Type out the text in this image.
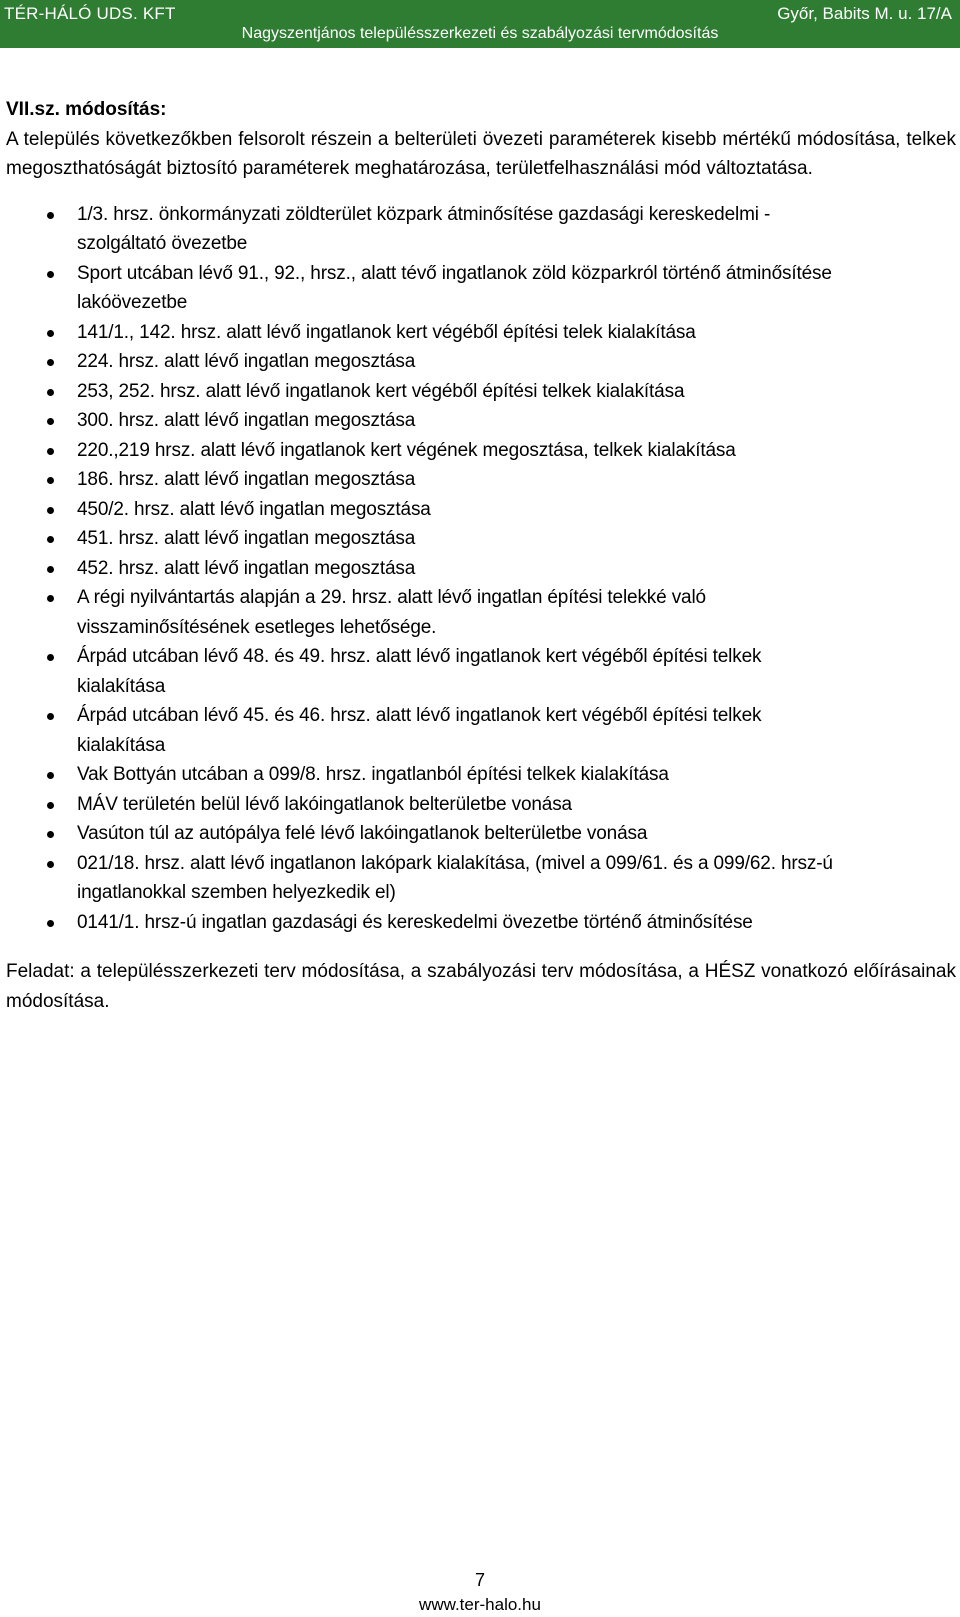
TÉR-HÁLÓ UDS. KFT	Győr, Babits M. u. 17/A
Nagyszentjános településszerkezeti és szabályozási tervmódosítás

VII.sz. módosítás:

A település következőkben felsorolt részein a belterületi övezeti paraméterek kisebb mértékű módosítása, telkek megoszthatóságát biztosító paraméterek meghatározása, területfelhasználási mód változtatása.

1/3. hrsz. önkormányzati zöldterület közpark átminősítése gazdasági kereskedelmi -szolgáltató övezetbe
Sport utcában lévő 91., 92., hrsz., alatt tévő ingatlanok zöld közparkról történő átminősítése lakóövezetbe
141/1., 142. hrsz. alatt lévő ingatlanok kert végéből építési telek kialakítása
224. hrsz. alatt lévő ingatlan megosztása
253, 252. hrsz. alatt lévő ingatlanok kert végéből építési telkek kialakítása
300. hrsz. alatt lévő ingatlan megosztása
220.,219 hrsz. alatt lévő ingatlanok kert végének megosztása, telkek kialakítása
186. hrsz. alatt lévő ingatlan megosztása
450/2. hrsz. alatt lévő ingatlan megosztása
451. hrsz. alatt lévő ingatlan megosztása
452. hrsz. alatt lévő ingatlan megosztása
A régi nyilvántartás alapján a 29. hrsz. alatt lévő ingatlan építési telekké való visszaminősítésének esetleges lehetősége.
Árpád utcában lévő 48. és 49. hrsz. alatt lévő ingatlanok kert végéből építési telkek kialakítása
Árpád utcában lévő 45. és 46. hrsz. alatt lévő ingatlanok kert végéből építési telkek kialakítása
Vak Bottyán utcában a 099/8. hrsz. ingatlanból építési telkek kialakítása
MÁV területén belül lévő lakóingatlanok belterületbe vonása
Vasúton túl az autópálya felé lévő lakóingatlanok belterületbe vonása
021/18. hrsz. alatt lévő ingatlanon lakópark kialakítása, (mivel a 099/61. és a 099/62. hrsz-ú ingatlanokkal szemben helyezkedik el)
0141/1. hrsz-ú ingatlan gazdasági és kereskedelmi övezetbe történő átminősítése

Feladat: a településszerkezeti terv módosítása, a szabályozási terv módosítása, a HÉSZ vonatkozó előírásainak módosítása.

7
www.ter-halo.hu
